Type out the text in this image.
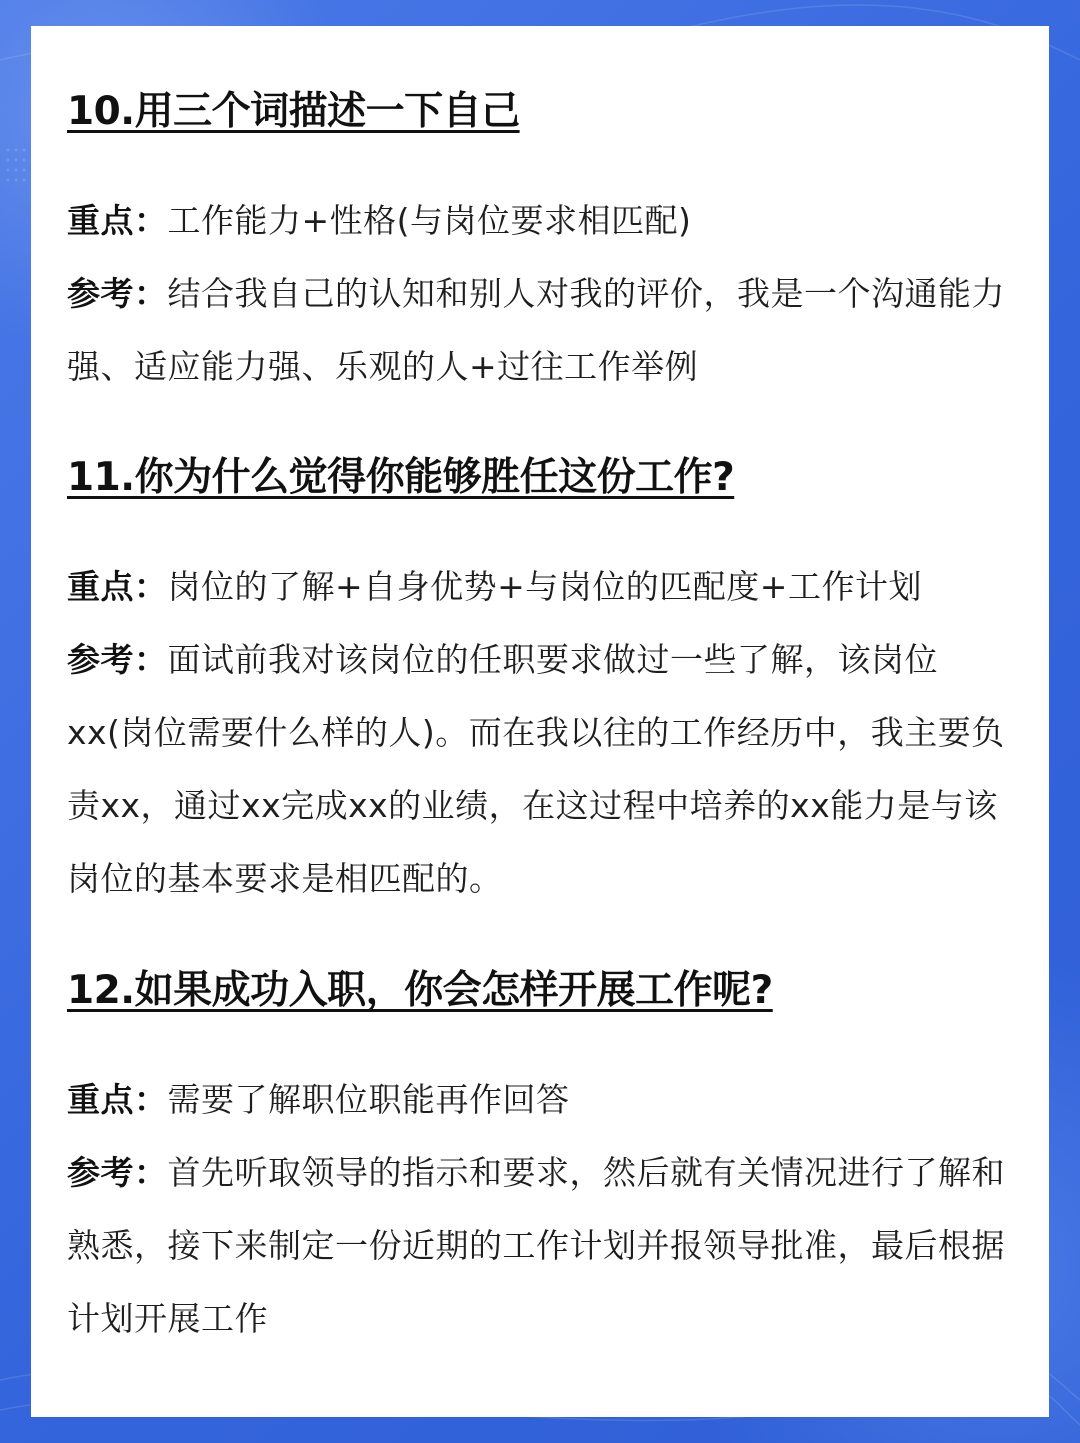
10.用三个词描述一下自己

重点：工作能力+性格(与岗位要求相匹配)

参考：结合我自己的认知和别人对我的评价，我是一个沟通能力强、适应能力强、乐观的人+过往工作举例

11.你为什么觉得你能够胜任这份工作?

重点：岗位的了解+自身优势+与岗位的匹配度+工作计划

参考：面试前我对该岗位的任职要求做过一些了解，该岗位xx(岗位需要什么样的人)。而在我以往的工作经历中，我主要负责xx，通过xx完成xx的业绩，在这过程中培养的xx能力是与该岗位的基本要求是相匹配的。

12.如果成功入职，你会怎样开展工作呢?

重点：需要了解职位职能再作回答

参考：首先听取领导的指示和要求，然后就有关情况进行了解和熟悉，接下来制定一份近期的工作计划并报领导批准，最后根据计划开展工作
